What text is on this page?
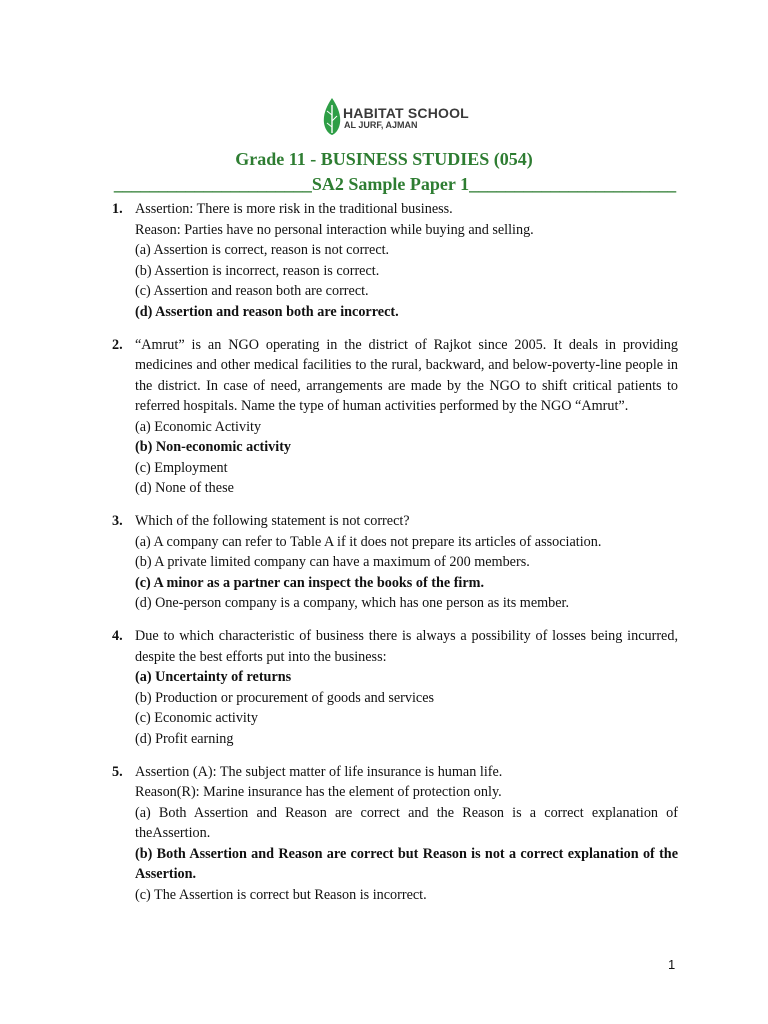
HABITAT SCHOOL
AL JURF, AJMAN
Grade 11 - BUSINESS STUDIES (054)
______________________SA2 Sample Paper 1_______________________
1. Assertion: There is more risk in the traditional business.
Reason: Parties have no personal interaction while buying and selling.
(a) Assertion is correct, reason is not correct.
(b) Assertion is incorrect, reason is correct.
(c) Assertion and reason both are correct.
(d) Assertion and reason both are incorrect.
2. “Amrut” is an NGO operating in the district of Rajkot since 2005. It deals in providing medicines and other medical facilities to the rural, backward, and below-poverty-line people in the district. In case of need, arrangements are made by the NGO to shift critical patients to referred hospitals. Name the type of human activities performed by the NGO “Amrut”.
(a) Economic Activity
(b) Non-economic activity
(c) Employment
(d) None of these
3. Which of the following statement is not correct?
(a) A company can refer to Table A if it does not prepare its articles of association.
(b) A private limited company can have a maximum of 200 members.
(c) A minor as a partner can inspect the books of the firm.
(d) One-person company is a company, which has one person as its member.
4. Due to which characteristic of business there is always a possibility of losses being incurred, despite the best efforts put into the business:
(a) Uncertainty of returns
(b) Production or procurement of goods and services
(c) Economic activity
(d) Profit earning
5. Assertion (A): The subject matter of life insurance is human life.
Reason(R): Marine insurance has the element of protection only.
(a) Both Assertion and Reason are correct and the Reason is a correct explanation of theAssertion.
(b) Both Assertion and Reason are correct but Reason is not a correct explanation of the Assertion.
(c) The Assertion is correct but Reason is incorrect.
1
